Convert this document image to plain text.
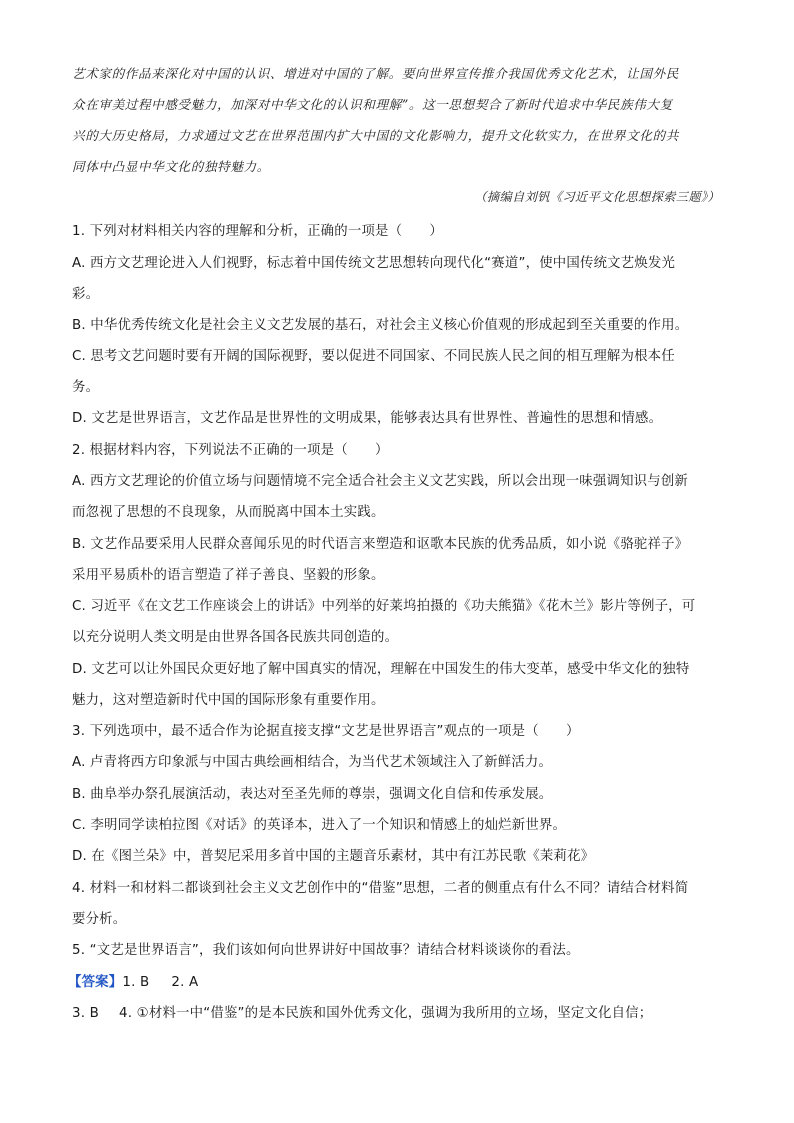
艺术家的作品来深化对中国的认识、增进对中国的了解。要向世界宣传推介我国优秀文化艺术，让国外民

众在审美过程中感受魅力，加深对中华文化的认识和理解”。这一思想契合了新时代追求中华民族伟大复

兴的大历史格局，力求通过文艺在世界范围内扩大中国的文化影响力，提升文化软实力，在世界文化的共

同体中凸显中华文化的独特魅力。

（摘编自刘钒《习近平文化思想探索三题》）

1. 下列对材料相关内容的理解和分析，正确的一项是（　　）

A. 西方文艺理论进入人们视野，标志着中国传统文艺思想转向现代化“赛道”，使中国传统文艺焕发光

彩。

B. 中华优秀传统文化是社会主义文艺发展的基石，对社会主义核心价值观的形成起到至关重要的作用。

C. 思考文艺问题时要有开阔的国际视野，要以促进不同国家、不同民族人民之间的相互理解为根本任

务。

D. 文艺是世界语言，文艺作品是世界性的文明成果，能够表达具有世界性、普遍性的思想和情感。

2. 根据材料内容，下列说法不正确的一项是（　　）

A. 西方文艺理论的价值立场与问题情境不完全适合社会主义文艺实践，所以会出现一味强调知识与创新

而忽视了思想的不良现象，从而脱离中国本土实践。

B. 文艺作品要采用人民群众喜闻乐见的时代语言来塑造和讴歌本民族的优秀品质，如小说《骆驼祥子》

采用平易质朴的语言塑造了祥子善良、坚毅的形象。

C. 习近平《在文艺工作座谈会上的讲话》中列举的好莱坞拍摄的《功夫熊猫》《花木兰》影片等例子，可

以充分说明人类文明是由世界各国各民族共同创造的。

D. 文艺可以让外国民众更好地了解中国真实的情况，理解在中国发生的伟大变革，感受中华文化的独特

魅力，这对塑造新时代中国的国际形象有重要作用。

3. 下列选项中，最不适合作为论据直接支撑“文艺是世界语言”观点的一项是（　　）

A. 卢青将西方印象派与中国古典绘画相结合，为当代艺术领域注入了新鲜活力。

B. 曲阜举办祭孔展演活动，表达对至圣先师的尊崇，强调文化自信和传承发展。

C. 李明同学读柏拉图《对话》的英译本，进入了一个知识和情感上的灿烂新世界。

D. 在《图兰朵》中，普契尼采用多首中国的主题音乐素材，其中有江苏民歌《茉莉花》

4. 材料一和材料二都谈到社会主义文艺创作中的“借鉴”思想，二者的侧重点有什么不同？请结合材料简

要分析。

5. “文艺是世界语言”，我们该如何向世界讲好中国故事？请结合材料谈谈你的看法。

【答案】1. B 2. A

3. B 4. ①材料一中“借鉴”的是本民族和国外优秀文化，强调为我所用的立场，坚定文化自信；
